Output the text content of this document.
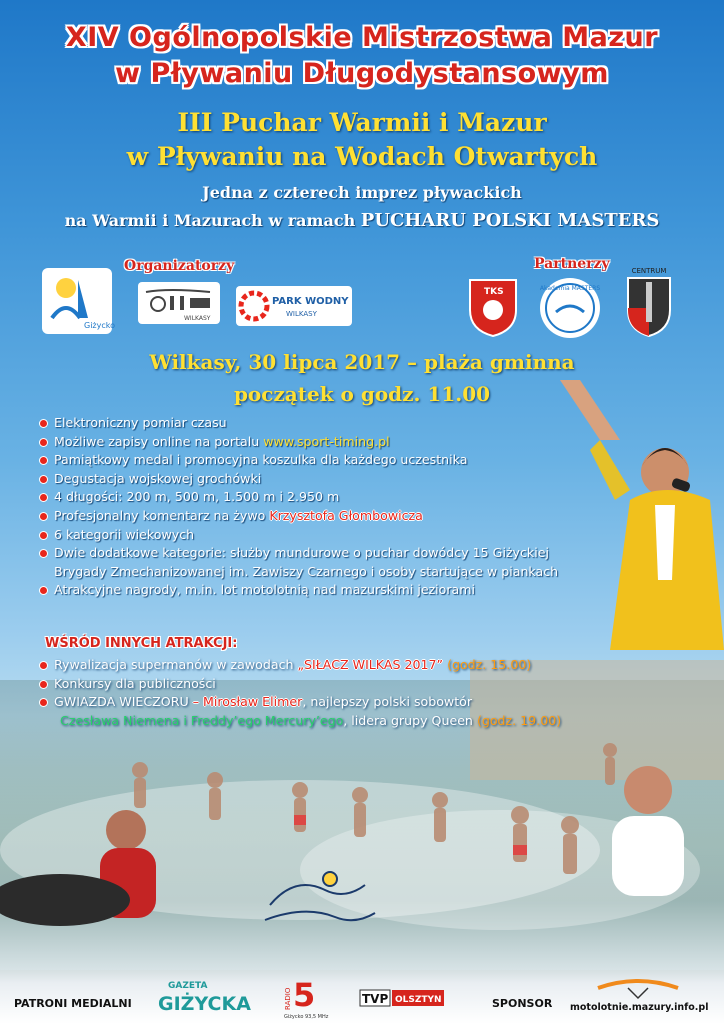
XIV Ogólnopolskie Mistrzostwa Mazur
w Pływaniu Długodystansowym
III Puchar Warmii i Mazur
w Pływaniu na Wodach Otwartych
Jedna z czterech imprez pływackich
na Warmii i Mazurach w ramach PUCHARU POLSKI MASTERS
Organizatorzy	Partnerzy
Giżycko
WILKASY
PARK WODNY
WILKASY
TKS	Akademia MASTERS
CENTRUM
Wilkasy, 30 lipca 2017 – plaża gminna
początek o godz. 11.00
Elektroniczny pomiar czasu
Możliwe zapisy online na portalu www.sport-timing.pl
Pamiątkowy medal i promocyjna koszulka dla każdego uczestnika
Degustacja wojskowej grochówki
4 długości: 200 m, 500 m, 1.500 m i 2.950 m
Profesjonalny komentarz na żywo Krzysztofa Głombowicza
6 kategorii wiekowych
Dwie dodatkowe kategorie: służby mundurowe o puchar dowódcy 15 Giżyckiej
Brygady Zmechanizowanej im. Zawiszy Czarnego i osoby startujące w piankach
Atrakcyjne nagrody, m.in. lot motolotnią nad mazurskimi jeziorami
WŚRÓD INNYCH ATRAKCJI:
Rywalizacja supermanów w zawodach „SIŁACZ WILKAS 2017” (godz. 15.00)
Konkursy dla publiczności
GWIAZDA WIECZORU – Mirosław Elimer, najlepszy polski sobowtór
Czesława Niemena i Freddy’ego Mercury’ego, lidera grupy Queen (godz. 19.00)
PATRONI MEDIALNI
GAZETA
GIŻYCKA	RADIO 5
Giżycko 93,5 MHz
TVP OLSZTYN	SPONSOR motolotnie.mazury.info.pl
